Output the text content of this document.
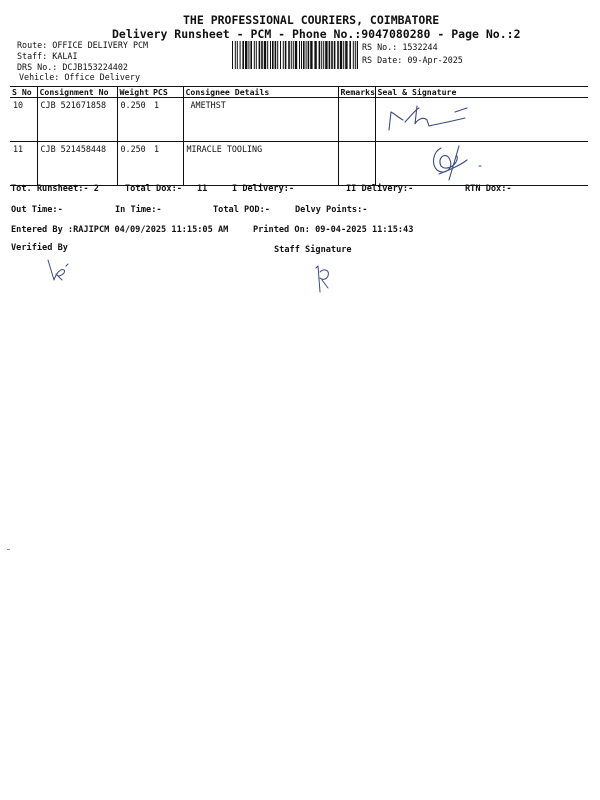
THE PROFESSIONAL COURIERS, COIMBATORE
Delivery Runsheet - PCM - Phone No.:9047080280 - Page No.:2
Route: OFFICE DELIVERY PCM
Staff: KALAI
DRS No.: DCJB153224402
Vehicle: Office Delivery
RS No.: 1532244
RS Date: 09-Apr-2025
S No	Consignment No	Weight	PCS	Consignee Details	Remarks	Seal & Signature
10	CJB 521671858	0.250	1	AMETHST		

11	CJB 521458448	0.250	1	MIRACLE TOOLING		
Tot. Runsheet:- 2	Total Dox:- 11	I Delivery:-	II Delivery:-	RTN Dox:-
Out Time:-	In Time:-	Total POD:-	Delvy Points:-
Entered By :RAJIPCM 04/09/2025 11:15:05 AM	Printed On: 09-04-2025 11:15:43
Verified By	Staff Signature
